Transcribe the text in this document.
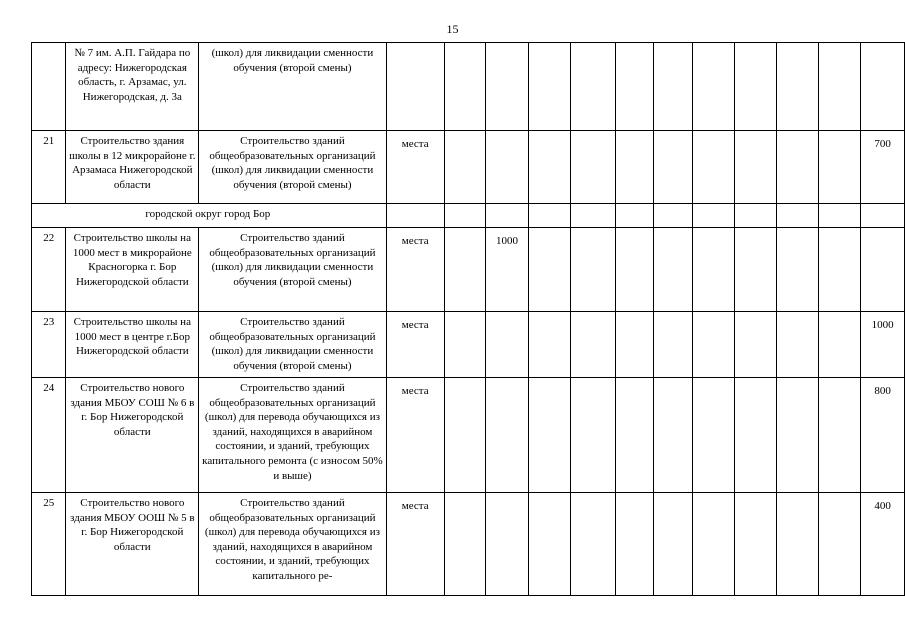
15
	№ 7 им. А.П. Гайдара по адресу: Нижегородская область, г. Арзамас, ул. Нижегородская, д. 3а	(школ) для ликвидации сменности обучения (второй смены)												
21	Строительство здания школы в 12 микрорайоне г. Арзамаса Нижегородской области	Строительство зданий общеобразовательных организаций (школ) для ликвидации сменности обучения (второй смены)	места											700
городской округ город Бор														
22	Строительство школы на 1000 мест в микрорайоне Красногорка г. Бор Нижегородской области	Строительство зданий общеобразовательных организаций (школ) для ликвидации сменности обучения (второй смены)	места		1000									
23	Строительство школы на 1000 мест в центре г.Бор Нижегородской области	Строительство зданий общеобразовательных организаций (школ) для ликвидации сменности обучения (второй смены)	места											1000
24	Строительство нового здания МБОУ СОШ № 6 в г. Бор Нижегородской области	Строительство зданий общеобразовательных организаций (школ) для перевода обучающихся из зданий, находящихся в аварийном состоянии, и зданий, требующих капитального ремонта (с износом 50% и выше)	места											800
25	Строительство нового здания МБОУ ООШ № 5 в г. Бор Нижегородской области	Строительство зданий общеобразовательных организаций (школ) для перевода обучающихся из зданий, находящихся в аварийном состоянии, и зданий, требующих капитального ре-	места											400
